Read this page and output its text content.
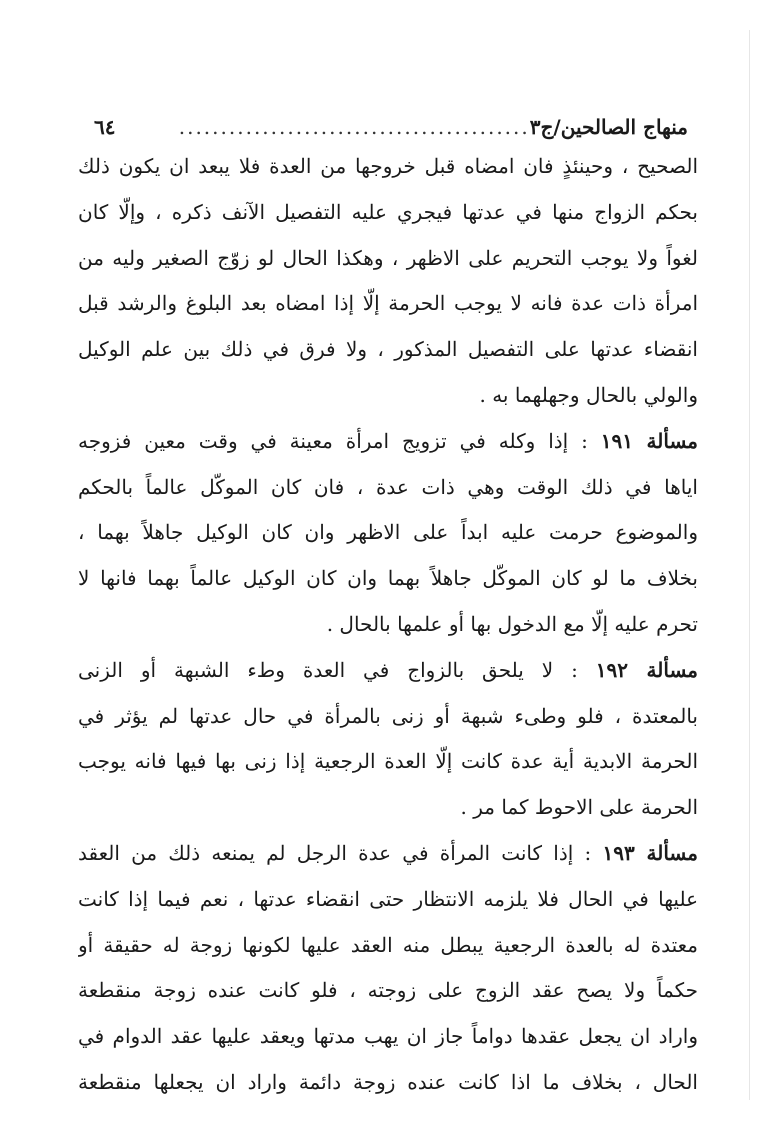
منهاج الصالحين/ج٣
..........................................
٦٤
الصحيح ، وحينئذٍ فان امضاه قبل خروجها من العدة فلا يبعد ان يكون ذلك
بحكم الزواج منها في عدتها فيجري عليه التفصيل الآنف ذكره ، وإلّا كان
لغواً ولا يوجب التحريم على الاظهر ، وهكذا الحال لو زوّج الصغير وليه من
امرأة ذات عدة فانه لا يوجب الحرمة إلّا إذا امضاه بعد البلوغ والرشد قبل
انقضاء عدتها على التفصيل المذكور ، ولا فرق في ذلك بين علم الوكيل
والولي بالحال وجهلهما به .
مسألة ١٩١ : إذا وكله في تزويج امرأة معينة في وقت معين فزوجه
اياها في ذلك الوقت وهي ذات عدة ، فان كان الموكّل عالماً بالحكم
والموضوع حرمت عليه ابداً على الاظهر وان كان الوكيل جاهلاً بهما ،
بخلاف ما لو كان الموكّل جاهلاً بهما وان كان الوكيل عالماً بهما فانها لا
تحرم عليه إلّا مع الدخول بها أو علمها بالحال .
مسألة ١٩٢ : لا يلحق بالزواج في العدة وطء الشبهة أو الزنى
بالمعتدة ، فلو وطىء شبهة أو زنى بالمرأة في حال عدتها لم يؤثر في
الحرمة الابدية أية عدة كانت إلّا العدة الرجعية إذا زنى بها فيها فانه يوجب
الحرمة على الاحوط كما مر .
مسألة ١٩٣ : إذا كانت المرأة في عدة الرجل لم يمنعه ذلك من العقد
عليها في الحال فلا يلزمه الانتظار حتى انقضاء عدتها ، نعم فيما إذا كانت
معتدة له بالعدة الرجعية يبطل منه العقد عليها لكونها زوجة له حقيقة أو
حكماً ولا يصح عقد الزوج على زوجته ، فلو كانت عنده زوجة منقطعة
واراد ان يجعل عقدها دواماً جاز ان يهب مدتها ويعقد عليها عقد الدوام في
الحال ، بخلاف ما اذا كانت عنده زوجة دائمة واراد ان يجعلها منقطعة
